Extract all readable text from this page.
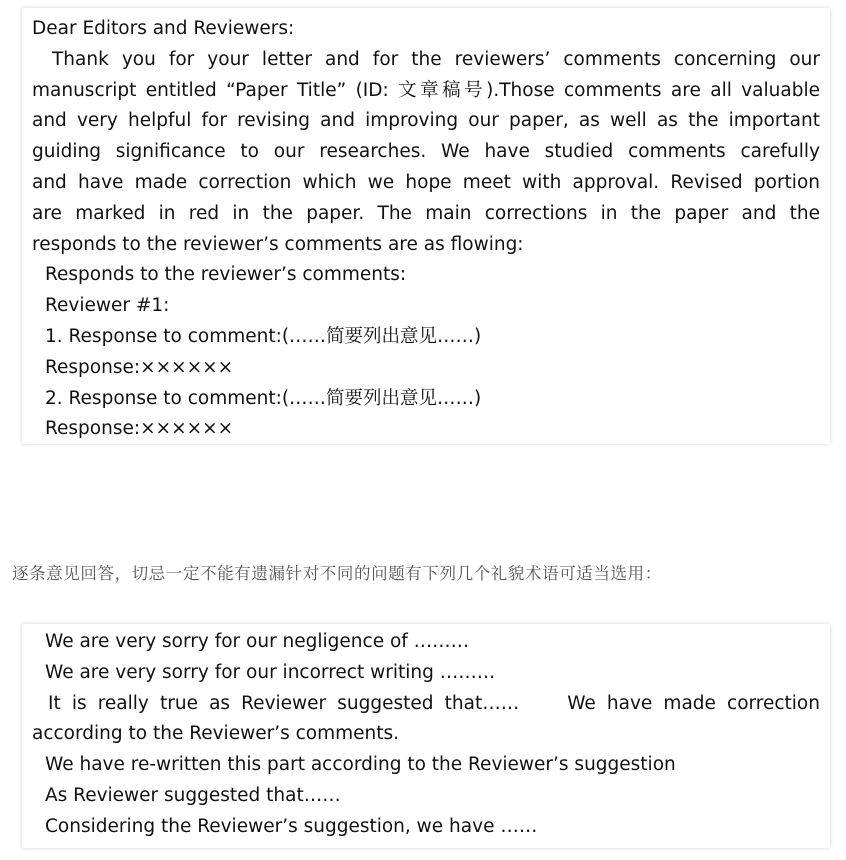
Dear Editors and Reviewers:

Thank you for your letter and for the reviewers’ comments concerning our

manuscript entitled “Paper Title” (ID: 文章稿号).Those comments are all valuable

and very helpful for revising and improving our paper, as well as the important

guiding significance to our researches. We have studied comments carefully

and have made correction which we hope meet with approval. Revised portion

are marked in red in the paper. The main corrections in the paper and the

responds to the reviewer’s comments are as flowing:

Responds to the reviewer’s comments:

Reviewer #1:

1. Response to comment:(……简要列出意见……)

Response:××××××

2. Response to comment:(……简要列出意见……)

Response:××××××

逐条意见回答，切忌一定不能有遗漏针对不同的问题有下列几个礼貌术语可适当选用：

We are very sorry for our negligence of ………

We are very sorry for our incorrect writing ………

It is really true as Reviewer suggested that……	We have made correction

according to the Reviewer’s comments.

We have re-written this part according to the Reviewer’s suggestion

As Reviewer suggested that……

Considering the Reviewer’s suggestion, we have ……
